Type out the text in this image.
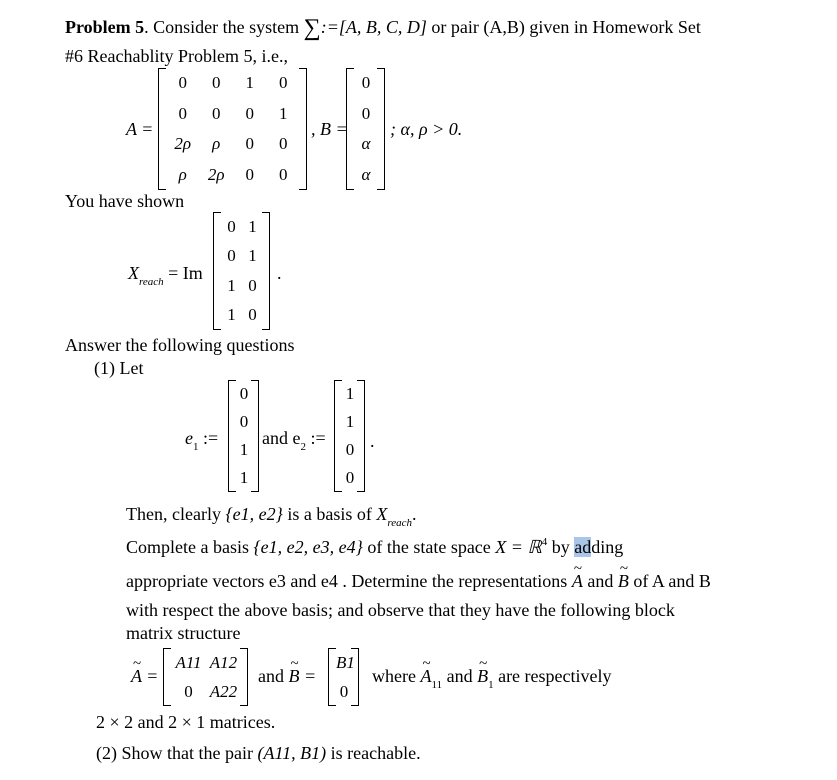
Problem 5. Consider the system ∑:=[A, B, C, D] or pair (A,B) given in Homework Set
#6 Reachablity Problem 5, i.e.,
A =
0	0	1	0
0	0	0	1
2ρ	ρ	0	0
ρ	2ρ	0	0
, B =
0
0
α
α
; α, ρ > 0.
You have shown
$X_{reach} = Im$
0 1
0 1
1 0
1 0
.
Answer the following questions
(1) Let
$e_1$ :=
0
0
1
1
and $e_2$ :=
1
1
0
0
.
Then, clearly {e1, e2} is a basis of $X_{reach}$.
Complete a basis {e1, e2, e3, e4} of the state space X = ℝ$^4$ by adding
appropriate vectors e3 and e4 . Determine the representations ~ A and ~ B of A and B
with respect the above basis; and observe that they have the following block
matrix structure
~ A =
A11 A12
0	A22
and ~ B =
B1
0
where ~ $A_{11}$ and ~ $B_1$ are respectively
2 × 2 and 2 × 1 matrices.
(2) Show that the pair (A11, B1) is reachable.
